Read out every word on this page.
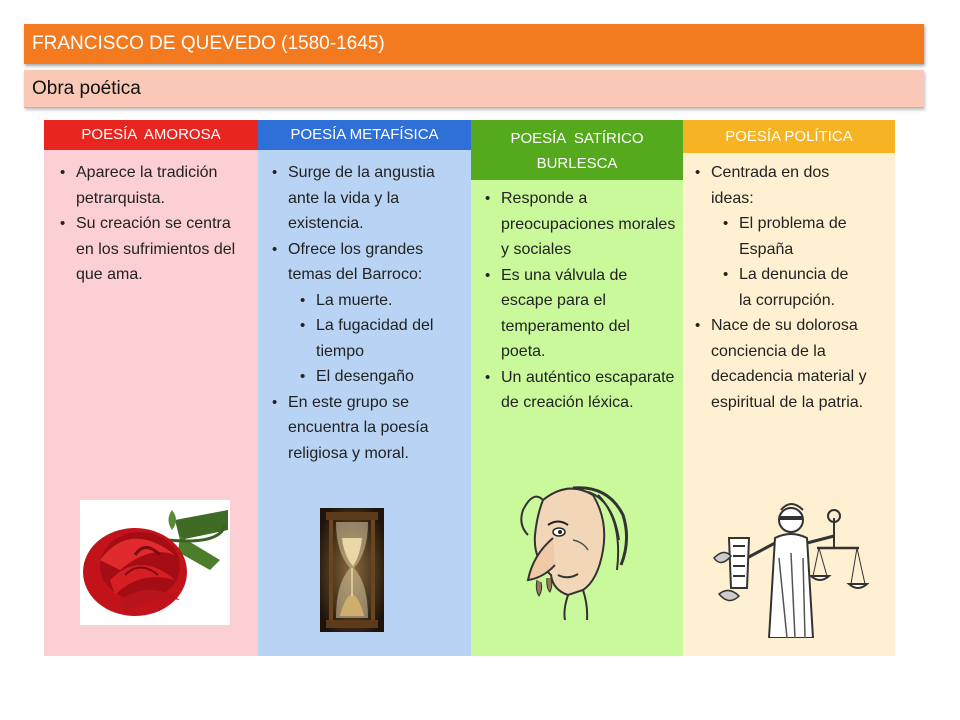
FRANCISCO DE QUEVEDO (1580-1645)
Obra poética
POESÍA  AMOROSA
• Aparece la tradición petrarquista.
• Su creación se centra en los sufrimientos del que ama.
POESÍA METAFÍSICA
• Surge de la angustia ante la vida y la existencia.
• Ofrece los grandes temas del Barroco:
• La muerte.
• La fugacidad del tiempo
• El desengaño
• En este grupo se encuentra la poesía religiosa y moral.
POESÍA  SATÍRICO BURLESCA
• Responde a preocupaciones morales y sociales
• Es una válvula de escape para el temperamento del poeta.
• Un auténtico escaparate de creación léxica.
POESÍA POLÍTICA
• Centrada en dos ideas:
• El problema de España
• La denuncia de la corrupción.
• Nace de su dolorosa conciencia de la decadencia material y espiritual de la patria.
